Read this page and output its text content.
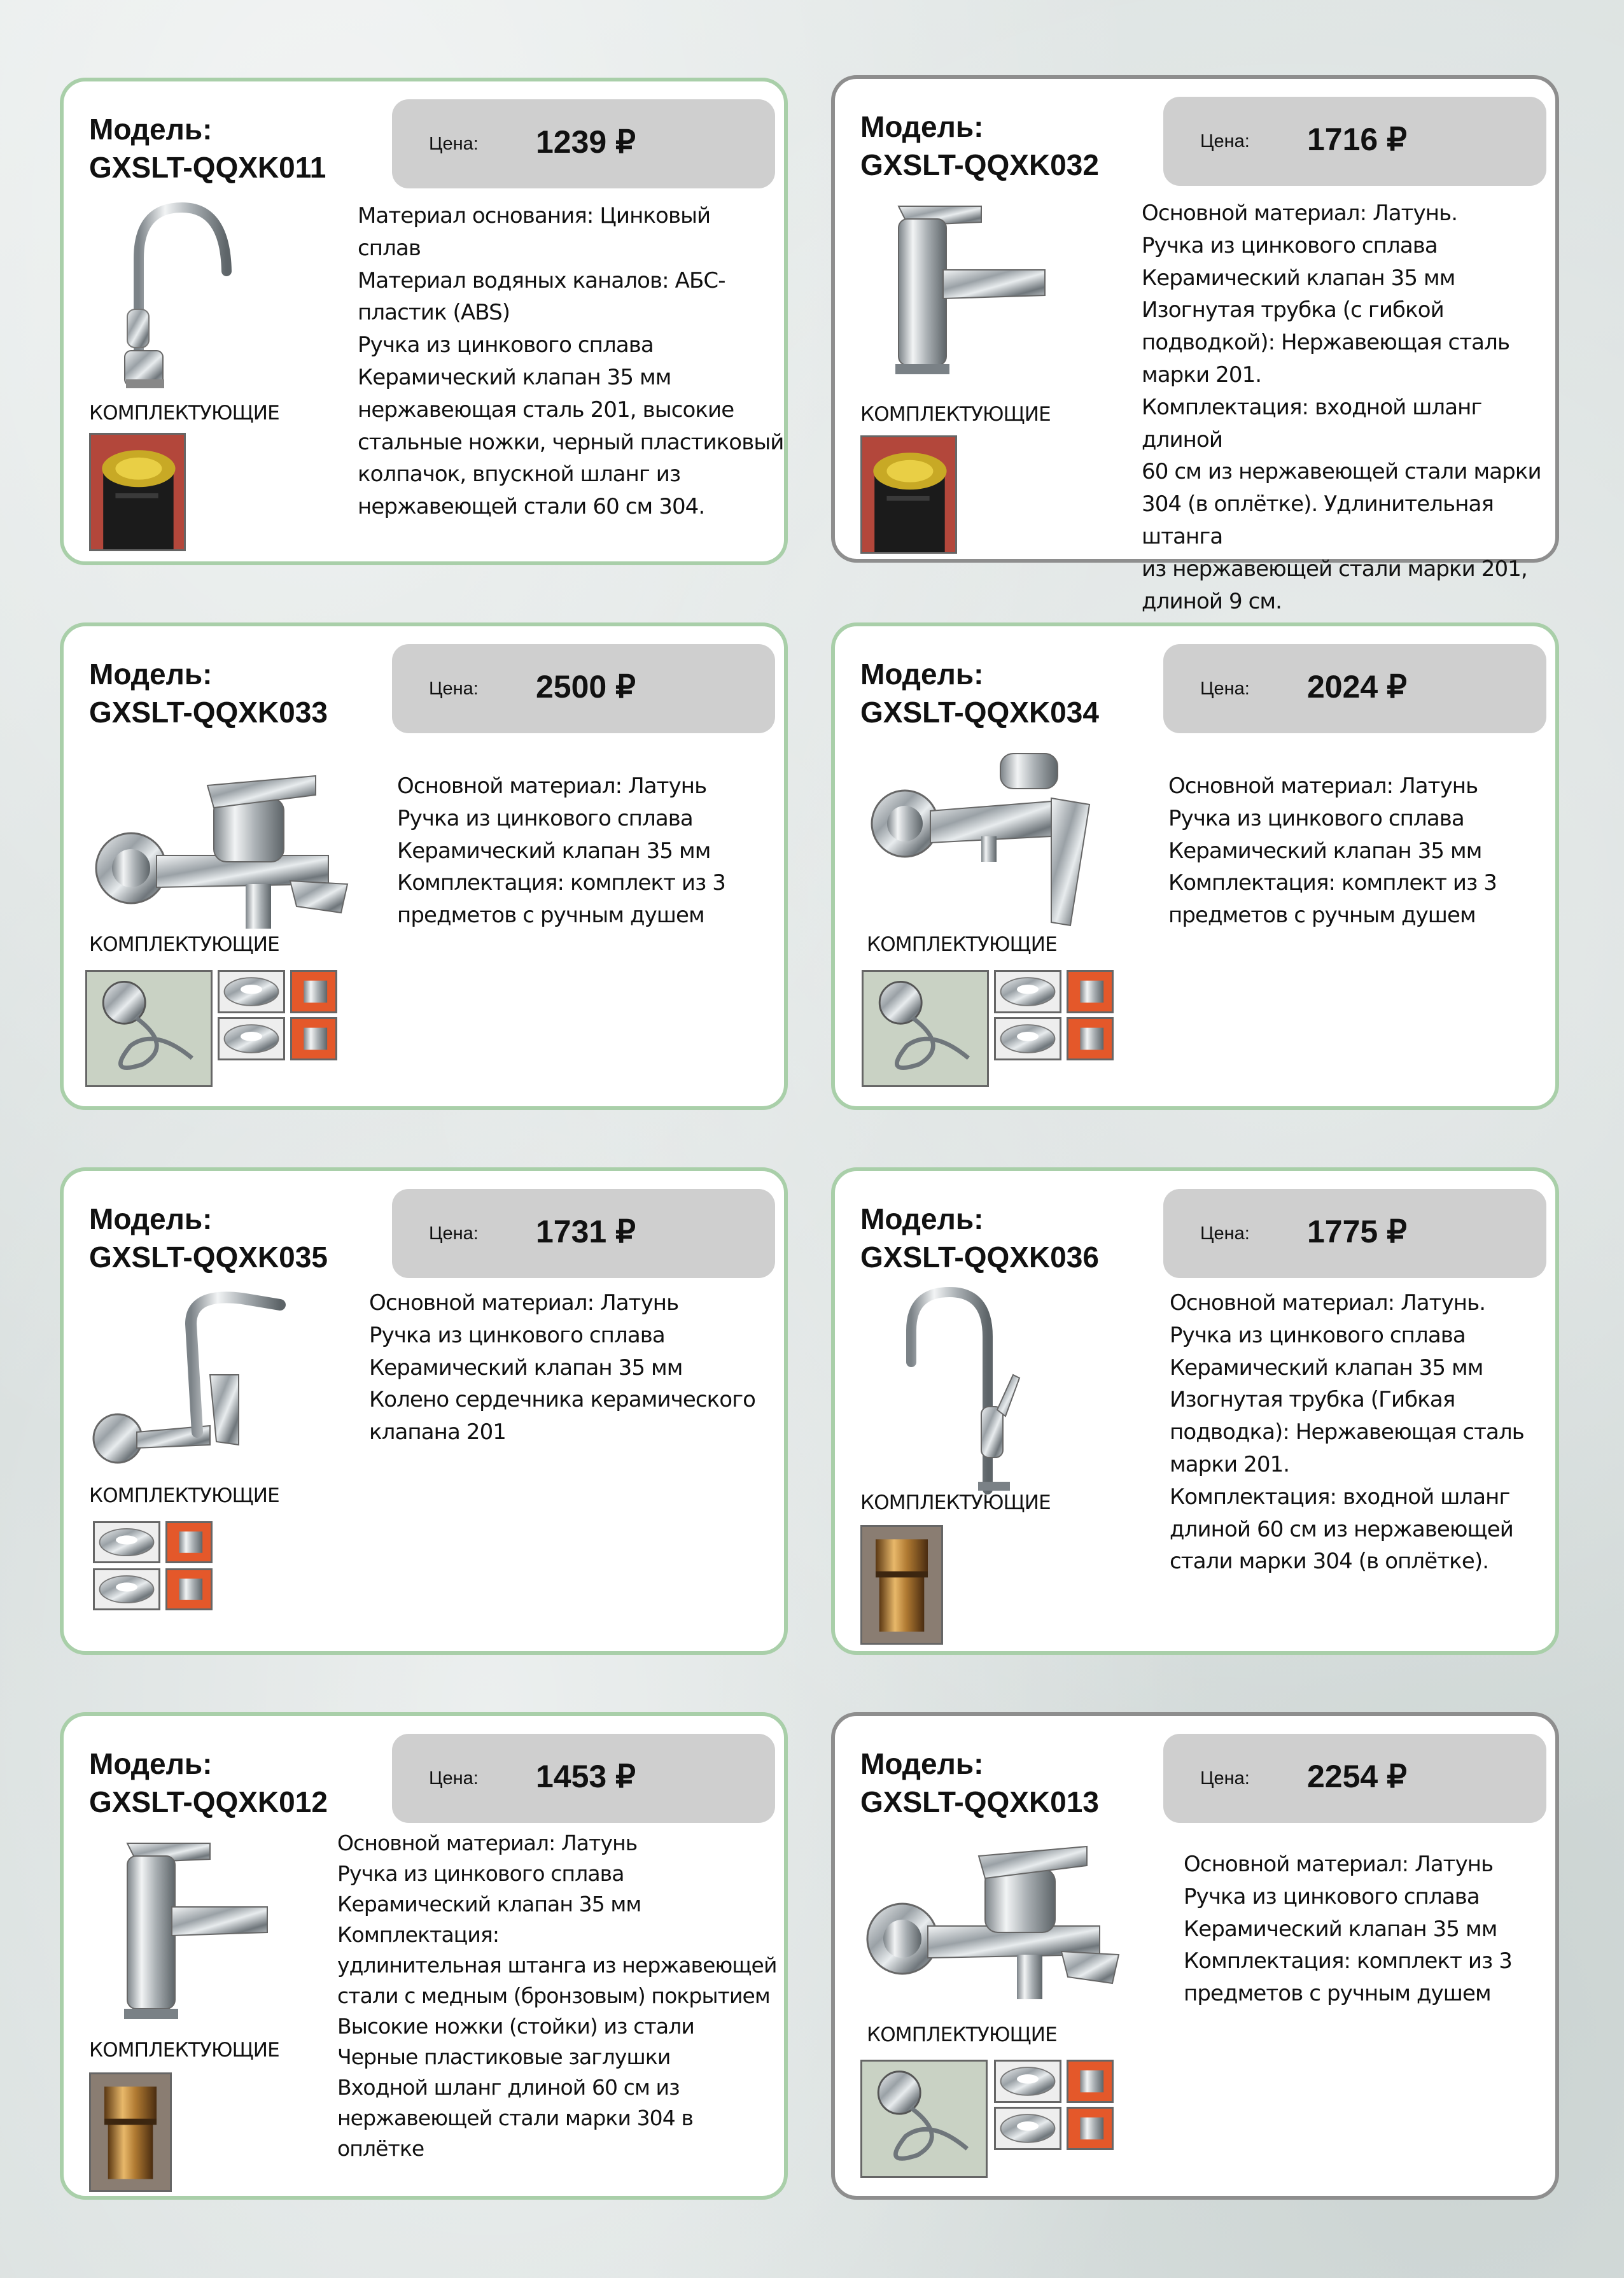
Модель:
GXSLT-QQXK011
Цена: 1239 ₽
КОМПЛЕКТУЮЩИЕ

Материал основания: Цинковый

сплав

Материал водяных каналов: АБС-

пластик (ABS)

Ручка из цинкового сплава

Керамический клапан 35 мм

нержавеющая сталь 201, высокие

стальные ножки, черный пластиковый

колпачок, впускной шланг из

нержавеющей стали 60 см 304.

Модель:
GXSLT-QQXK032
Цена: 1716 ₽
КОМПЛЕКТУЮЩИЕ

Основной материал: Латунь.

Ручка из цинкового сплава

Керамический клапан 35 мм

Изогнутая трубка (с гибкой

подводкой): Нержавеющая сталь

марки 201.

Комплектация: входной шланг длиной

60 см из нержавеющей стали марки

304 (в оплётке). Удлинительная штанга

из нержавеющей стали марки 201,

длиной 9 см.

Модель:
GXSLT-QQXK033
Цена: 2500 ₽
КОМПЛЕКТУЮЩИЕ

Основной материал: Латунь

Ручка из цинкового сплава

Керамический клапан 35 мм

Комплектация: комплект из 3

предметов с ручным душем

Модель:
GXSLT-QQXK034
Цена: 2024 ₽
КОМПЛЕКТУЮЩИЕ

Основной материал: Латунь

Ручка из цинкового сплава

Керамический клапан 35 мм

Комплектация: комплект из 3

предметов с ручным душем

Модель:
GXSLT-QQXK035
Цена: 1731 ₽
КОМПЛЕКТУЮЩИЕ

Основной материал: Латунь

Ручка из цинкового сплава

Керамический клапан 35 мм

Колено сердечника керамического

клапана 201

Модель:
GXSLT-QQXK036
Цена: 1775 ₽
КОМПЛЕКТУЮЩИЕ

Основной материал: Латунь.

Ручка из цинкового сплава

Керамический клапан 35 мм

Изогнутая трубка (Гибкая

подводка): Нержавеющая сталь

марки 201.

Комплектация: входной шланг

длиной 60 см из нержавеющей

стали марки 304 (в оплётке).

Модель:
GXSLT-QQXK012
Цена: 1453 ₽
КОМПЛЕКТУЮЩИЕ

Основной материал: Латунь

Ручка из цинкового сплава

Керамический клапан 35 мм

Комплектация:

удлинительная штанга из нержавеющей

стали с медным (бронзовым) покрытием

Высокие ножки (стойки) из стали

Черные пластиковые заглушки

Входной шланг длиной 60 см из

нержавеющей стали марки 304 в оплётке

Модель:
GXSLT-QQXK013
Цена: 2254 ₽
КОМПЛЕКТУЮЩИЕ

Основной материал: Латунь

Ручка из цинкового сплава

Керамический клапан 35 мм

Комплектация: комплект из 3

предметов с ручным душем
